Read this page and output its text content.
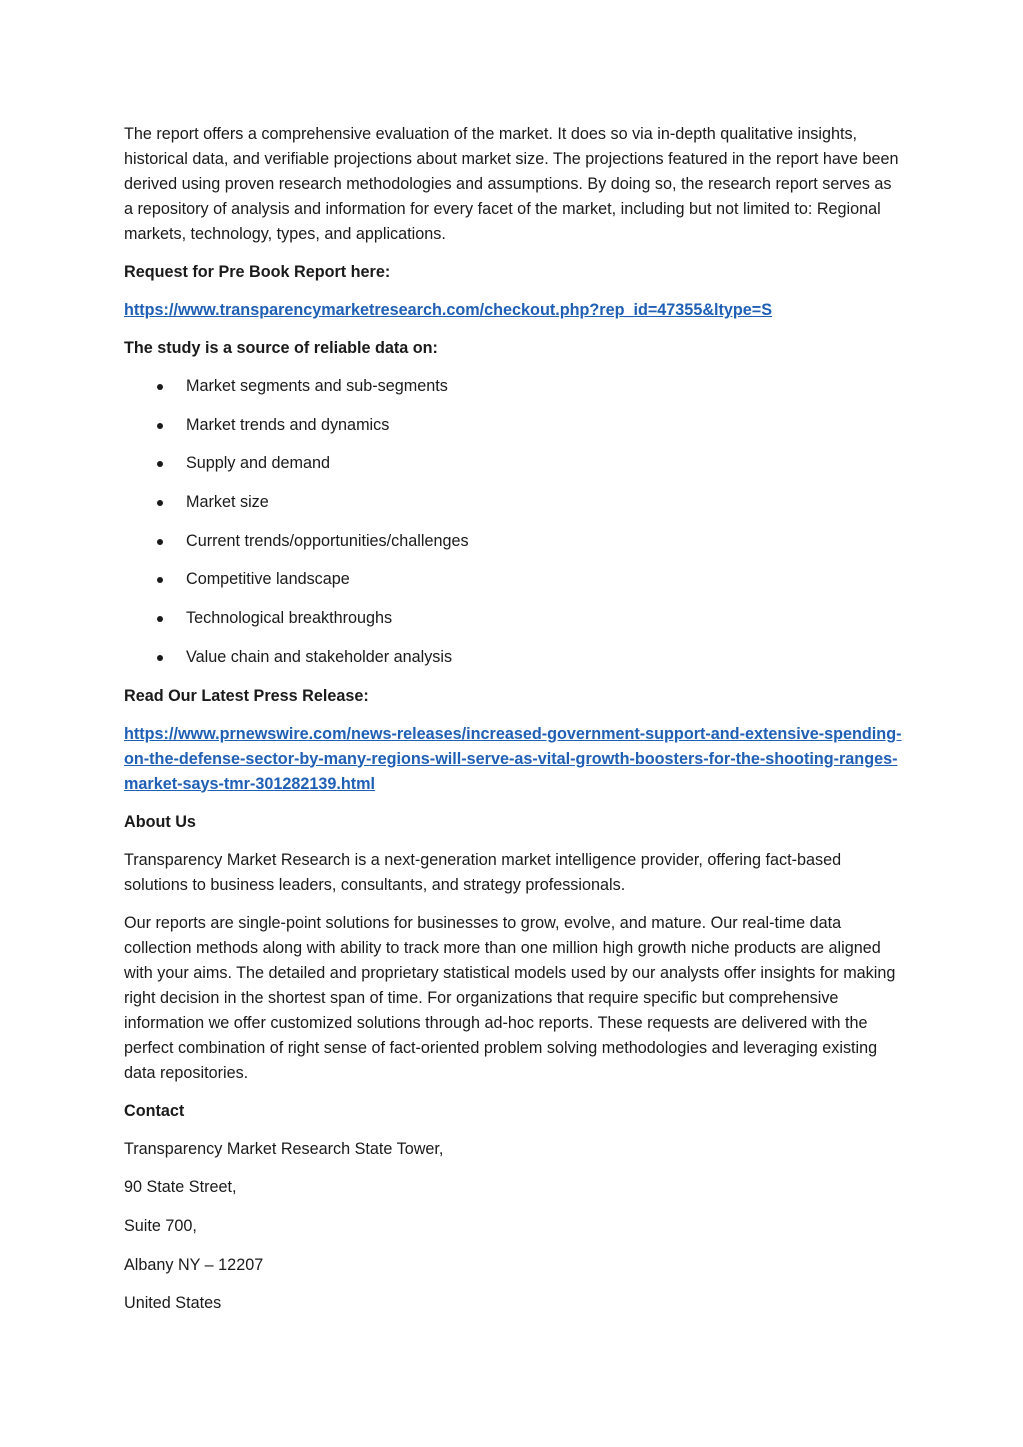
The report offers a comprehensive evaluation of the market. It does so via in-depth qualitative insights, historical data, and verifiable projections about market size. The projections featured in the report have been derived using proven research methodologies and assumptions. By doing so, the research report serves as a repository of analysis and information for every facet of the market, including but not limited to: Regional markets, technology, types, and applications.

Request for Pre Book Report here:

https://www.transparencymarketresearch.com/checkout.php?rep_id=47355&ltype=S

The study is a source of reliable data on:

Market segments and sub-segments
Market trends and dynamics
Supply and demand
Market size
Current trends/opportunities/challenges
Competitive landscape
Technological breakthroughs
Value chain and stakeholder analysis

Read Our Latest Press Release:

https://www.prnewswire.com/news-releases/increased-government-support-and-extensive-spending-on-the-defense-sector-by-many-regions-will-serve-as-vital-growth-boosters-for-the-shooting-ranges-market-says-tmr-301282139.html

About Us

Transparency Market Research is a next-generation market intelligence provider, offering fact-based solutions to business leaders, consultants, and strategy professionals.

Our reports are single-point solutions for businesses to grow, evolve, and mature. Our real-time data collection methods along with ability to track more than one million high growth niche products are aligned with your aims. The detailed and proprietary statistical models used by our analysts offer insights for making right decision in the shortest span of time. For organizations that require specific but comprehensive information we offer customized solutions through ad-hoc reports. These requests are delivered with the perfect combination of right sense of fact-oriented problem solving methodologies and leveraging existing data repositories.

Contact

Transparency Market Research State Tower,
90 State Street,
Suite 700,
Albany NY – 12207
United States
